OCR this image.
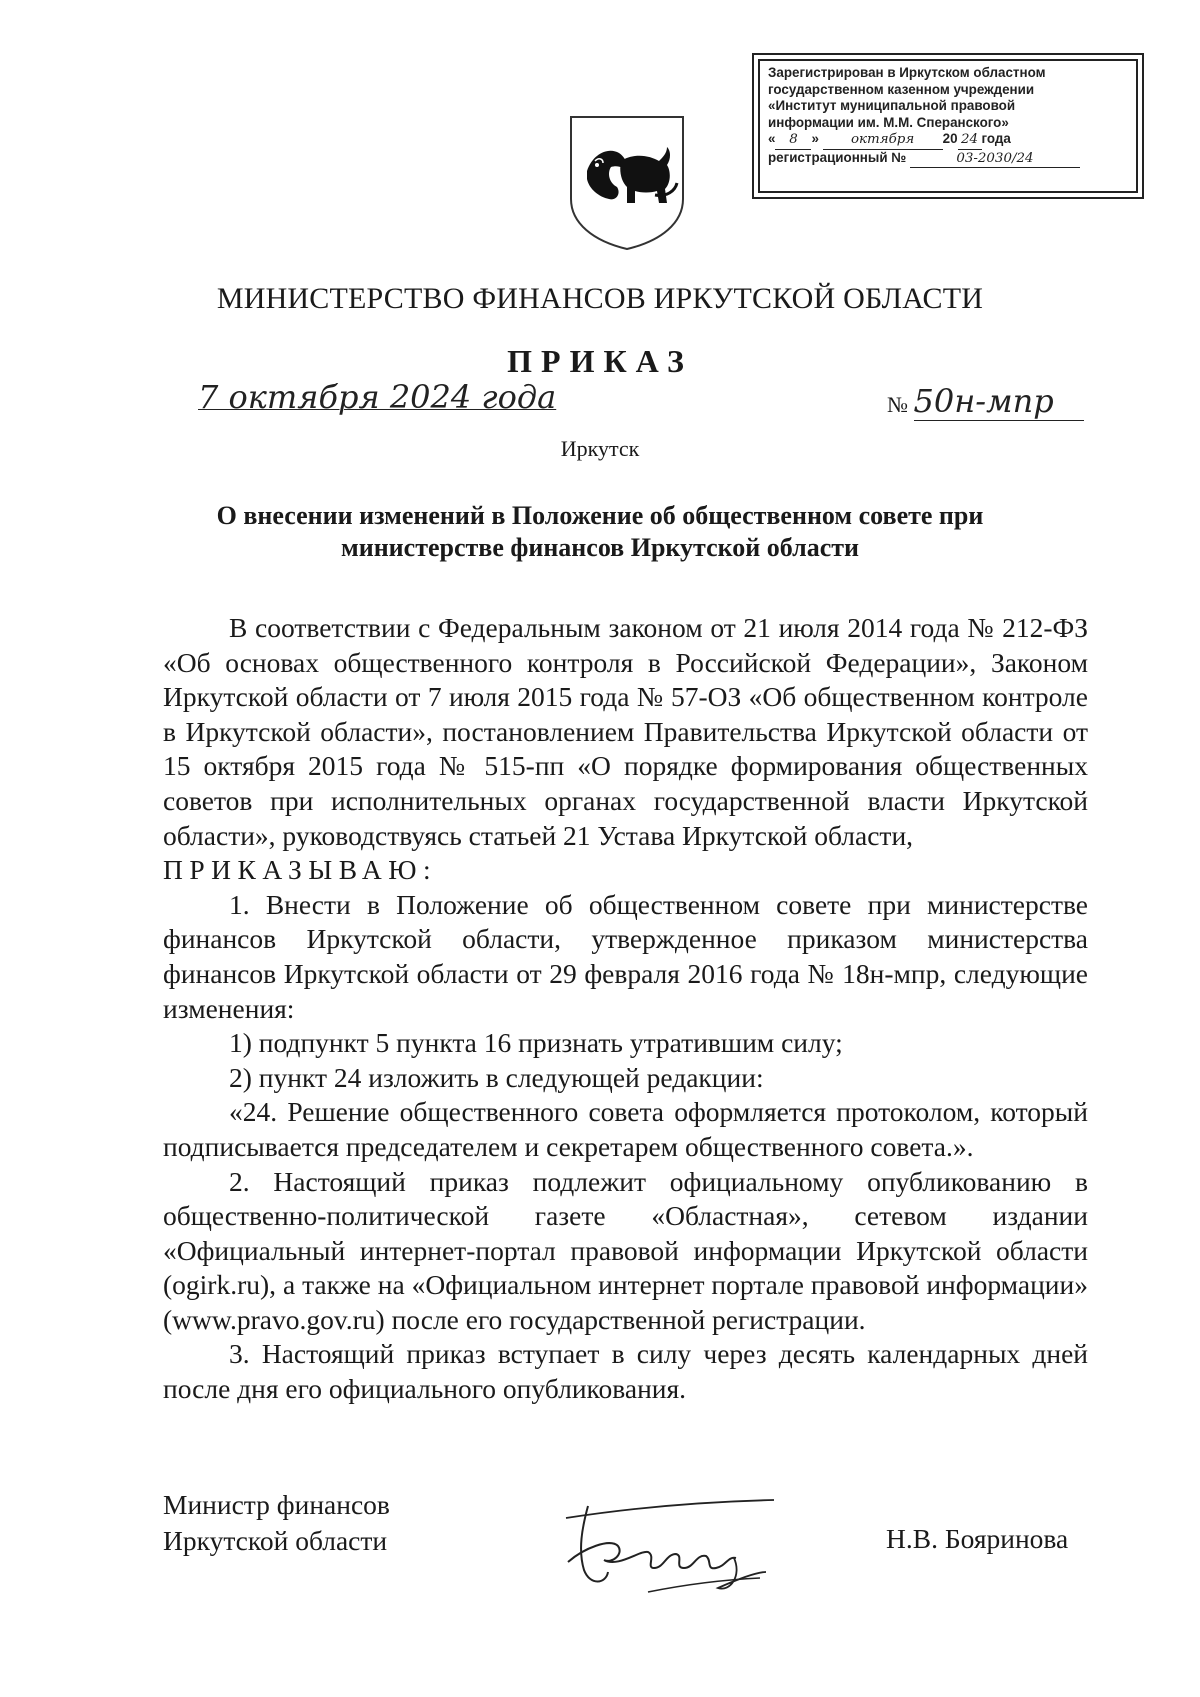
Зарегистрирован в Иркутском областном
государственном казенном учреждении
«Институт муниципальной правовой
информации им. М.М. Сперанского»
« 8 » октября 20 24 года
регистрационный №	03-2030/24
МИНИСТЕРСТВО ФИНАНСОВ ИРКУТСКОЙ ОБЛАСТИ
ПРИКАЗ
7 октября 2024 года	№ 50н-мпр
Иркутск
О внесении изменений в Положение об общественном совете при министерстве финансов Иркутской области

В соответствии с Федеральным законом от 21 июля 2014 года № 212-ФЗ «Об основах общественного контроля в Российской Федерации», Законом Иркутской области от 7 июля 2015 года № 57-ОЗ «Об общественном контроле в Иркутской области», постановлением Правительства Иркутской области от 15 октября 2015 года № 515-пп «О порядке формирования общественных советов при исполнительных органах государственной власти Иркутской области», руководствуясь статьей 21 Устава Иркутской области,

ПРИКАЗЫВАЮ:

1. Внести в Положение об общественном совете при министерстве финансов Иркутской области, утвержденное приказом министерства финансов Иркутской области от 29 февраля 2016 года № 18н-мпр, следующие изменения:

1) подпункт 5 пункта 16 признать утратившим силу;

2) пункт 24 изложить в следующей редакции:

«24. Решение общественного совета оформляется протоколом, который подписывается председателем и секретарем общественного совета.».

2. Настоящий приказ подлежит официальному опубликованию в общественно-политической газете «Областная», сетевом издании «Официальный интернет-портал правовой информации Иркутской области (ogirk.ru), а также на «Официальном интернет портале правовой информации» (www.pravo.gov.ru) после его государственной регистрации.

3. Настоящий приказ вступает в силу через десять календарных дней после дня его официального опубликования.

Министр финансов
Иркутской области	Н.В. Бояринова
